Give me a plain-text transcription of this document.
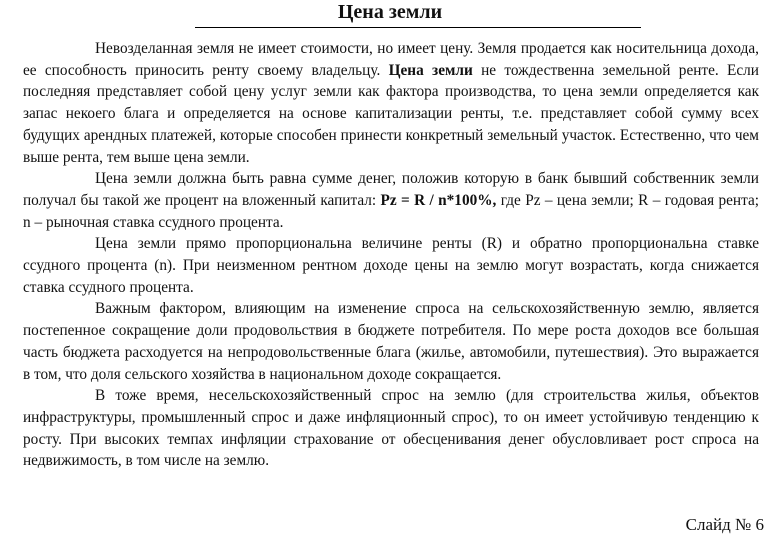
Цена земли

Невозделанная земля не имеет стоимости, но имеет цену. Земля продается как носительница дохода, ее способность приносить ренту своему владельцу. Цена земли не тождественна земельной ренте. Если последняя представляет собой цену услуг земли как фактора производства, то цена земли определяется как запас некоего блага и определяется на основе капитализации ренты, т.е. представляет собой сумму всех будущих арендных платежей, которые способен принести конкретный земельный участок. Естественно, что чем выше рента, тем выше цена земли.

Цена земли должна быть равна сумме денег, положив которую в банк бывший собственник земли получал бы такой же процент на вложенный капитал: Pz = R / n*100%, где Pz – цена земли; R – годовая рента; n – рыночная ставка ссудного процента.

Цена земли прямо пропорциональна величине ренты (R) и обратно пропорциональна ставке ссудного процента (n). При неизменном рентном доходе цены на землю могут возрастать, когда снижается ставка ссудного процента.

Важным фактором, влияющим на изменение спроса на сельскохозяйственную землю, является постепенное сокращение доли продовольствия в бюджете потребителя. По мере роста доходов все большая часть бюджета расходуется на непродовольственные блага (жилье, автомобили, путешествия). Это выражается в том, что доля сельского хозяйства в национальном доходе сокращается.

В тоже время, несельскохозяйственный спрос на землю (для строительства жилья, объектов инфраструктуры, промышленный спрос и даже инфляционный спрос), то он имеет устойчивую тенденцию к росту. При высоких темпах инфляции страхование от обесценивания денег обусловливает рост спроса на недвижимость, в том числе на землю.

Слайд № 6
